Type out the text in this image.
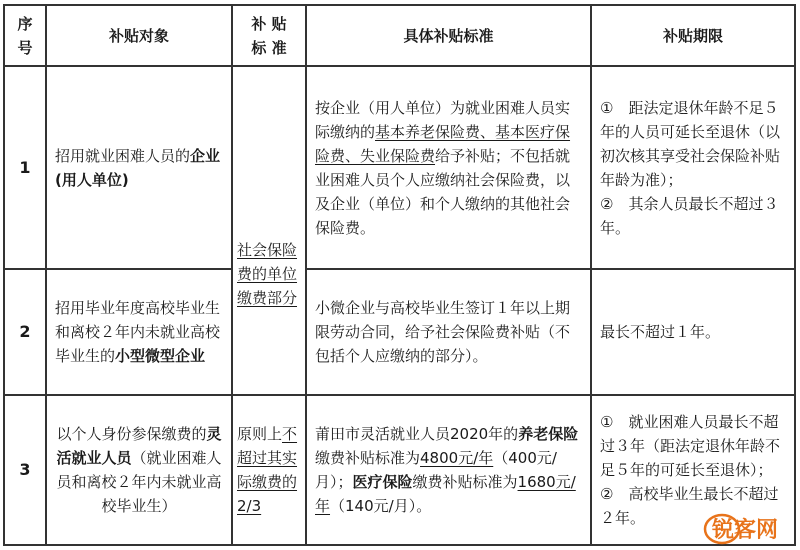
序号
补贴对象
补 贴 标 准
具体补贴标准	补贴期限
1
招用就业困难人员的企业(用人单位)
按企业（用人单位）为就业困难人员实际缴纳的基本养老保险费、基本医疗保险费、失业保险费给予补贴；不包括就业困难人员个人应缴纳社会保险费，以及企业（单位）和个人缴纳的其他社会保险费。
①　距法定退休年龄不足５年的人员可延长至退休（以初次核其享受社会保险补贴年龄为准）；
②　其余人员最长不超过３年。
社会保险费的单位缴费部分
2
招用毕业年度高校毕业生和离校２年内未就业高校毕业生的小型微型企业
小微企业与高校毕业生签订１年以上期限劳动合同，给予社会保险费补贴（不包括个人应缴纳的部分）。
最长不超过１年。
3
以个人身份参保缴费的灵活就业人员（就业困难人员和离校２年内未就业高校毕业生）
原则上不超过其实际缴费的2/3
莆田市灵活就业人员2020年的养老保险缴费补贴标准为4800元/年（400元/月）；医疗保险缴费补贴标准为1680元/年（140元/月）。
①　就业困难人员最长不超过３年（距法定退休年龄不足５年的可延长至退休）；
②　高校毕业生最长不超过２年。	锐客网
